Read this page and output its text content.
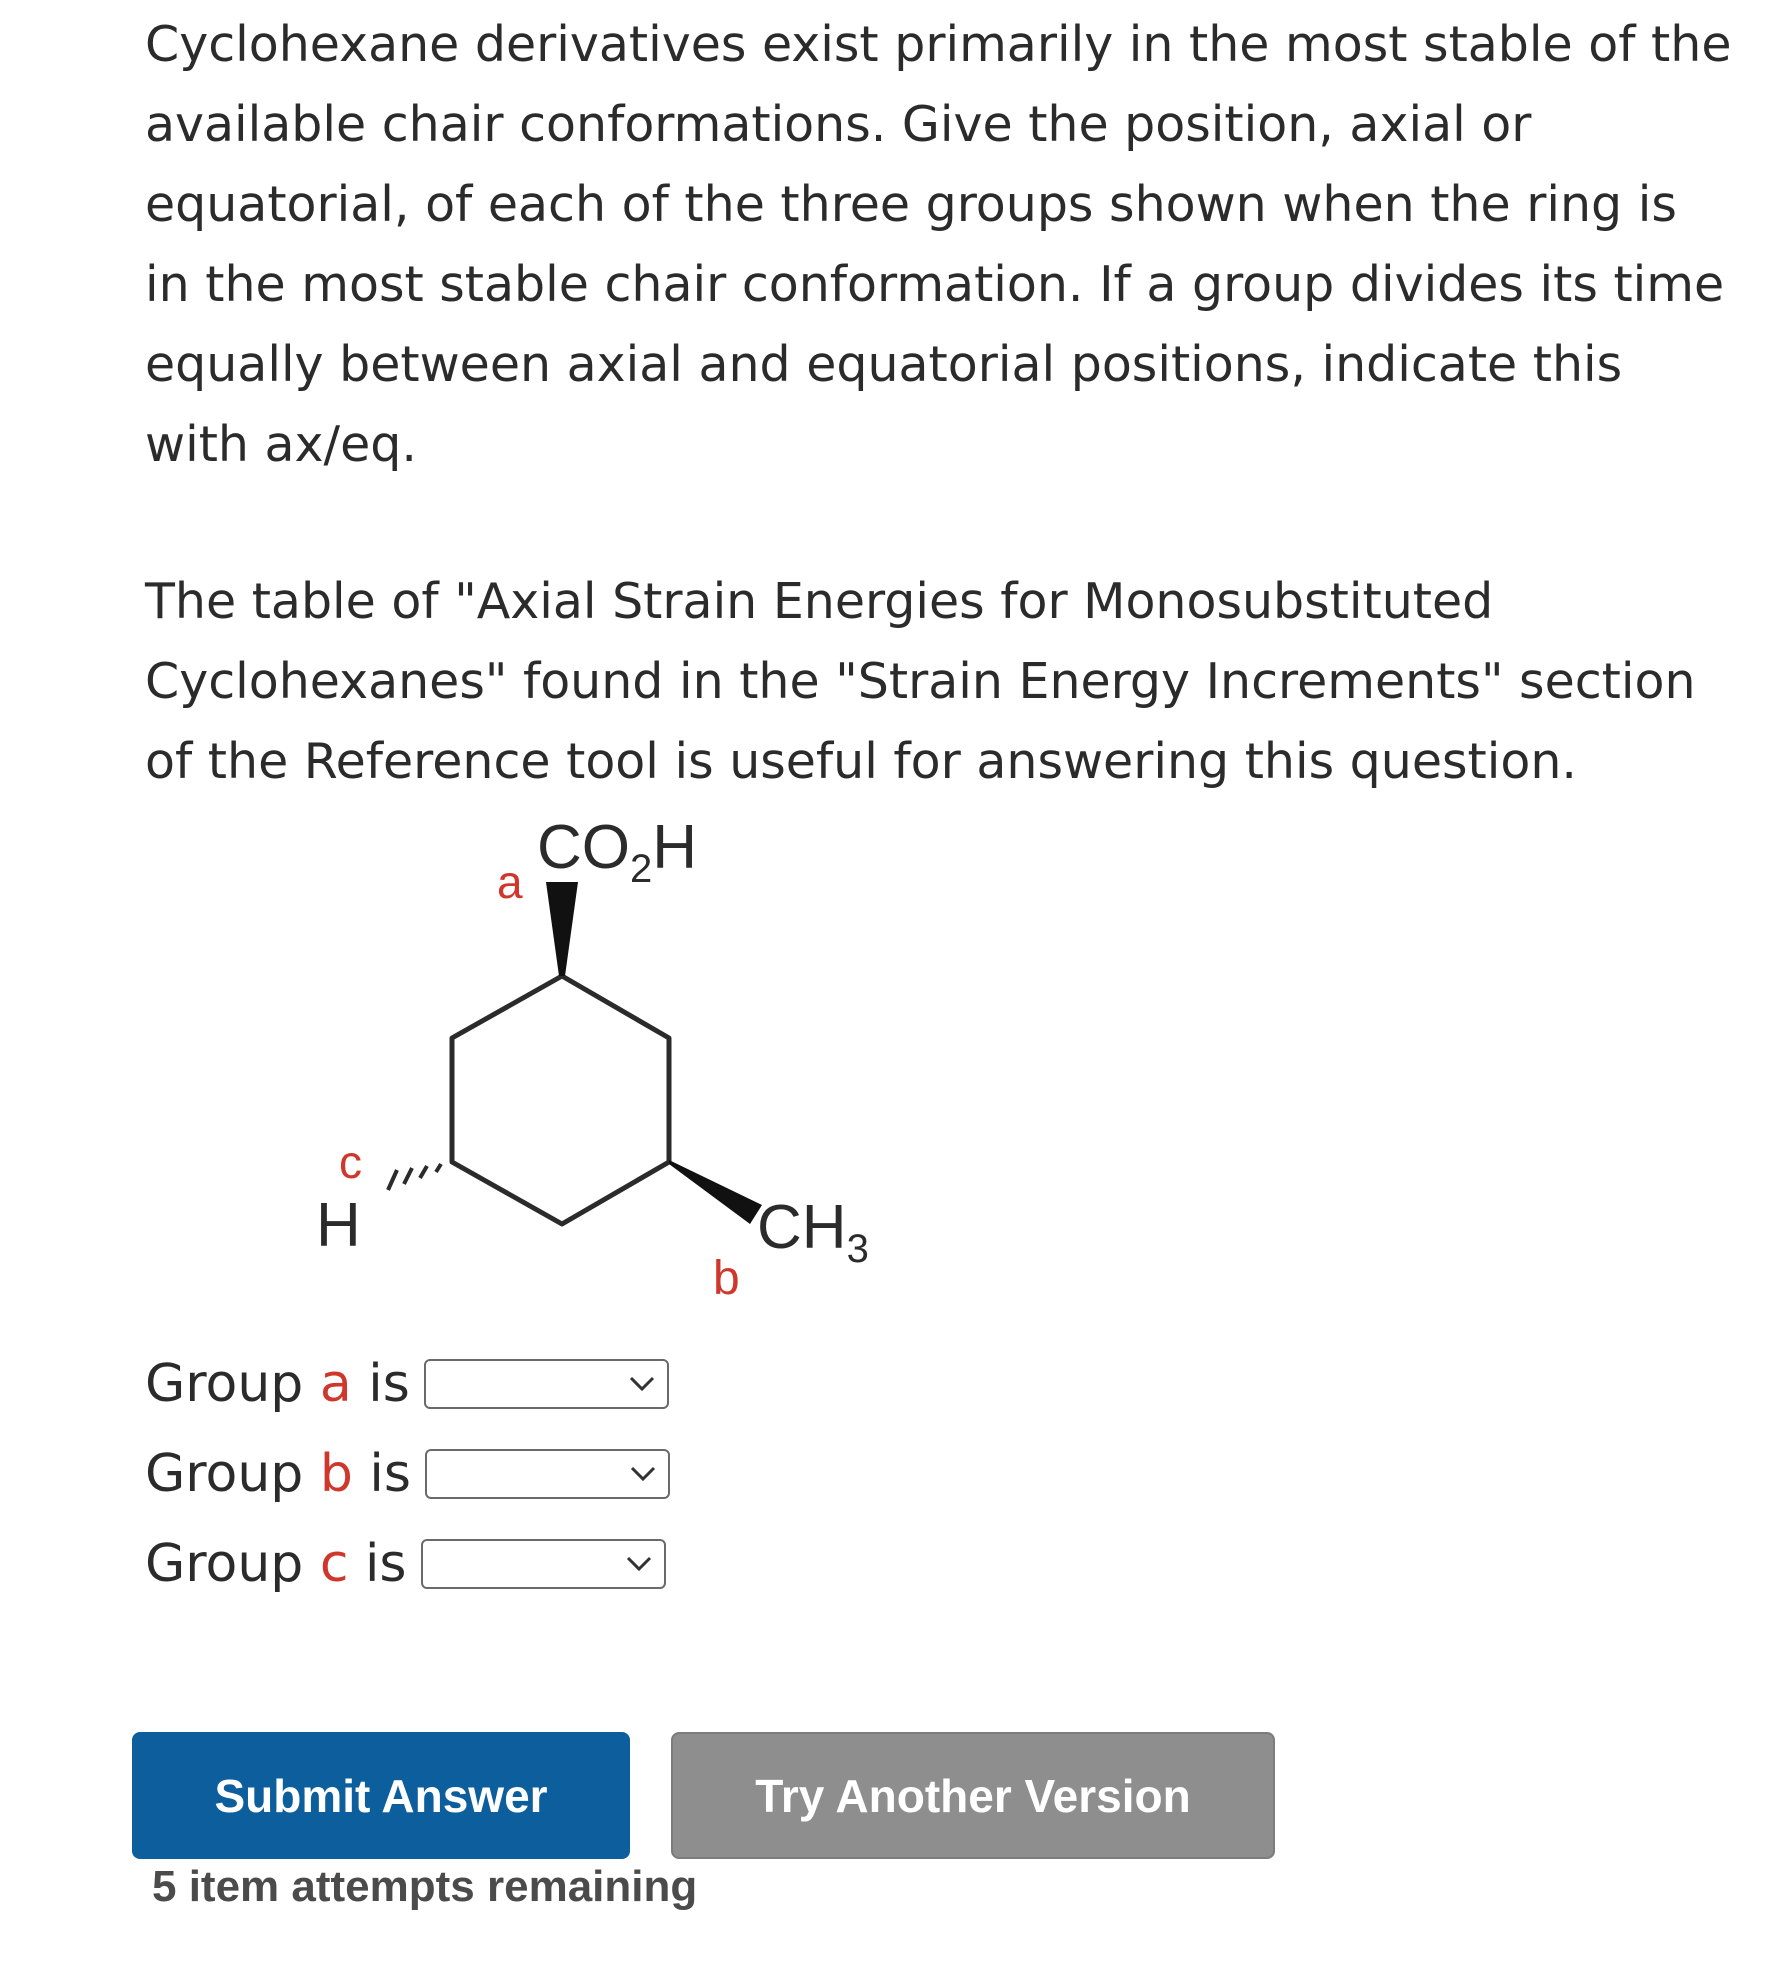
Cyclohexane derivatives exist primarily in the most stable of the available chair conformations. Give the position, axial or equatorial, of each of the three groups shown when the ring is in the most stable chair conformation. If a group divides its time equally between axial and equatorial positions, indicate this with ax/eq.

The table of "Axial Strain Energies for Monosubstituted Cyclohexanes" found in the "Strain Energy Increments" section of the Reference tool is useful for answering this question.

a $CO_2H$
$CH_3$
b
c
H
Group a is
Group b is
Group c is
Submit Answer	Try Another Version
5 item attempts remaining
